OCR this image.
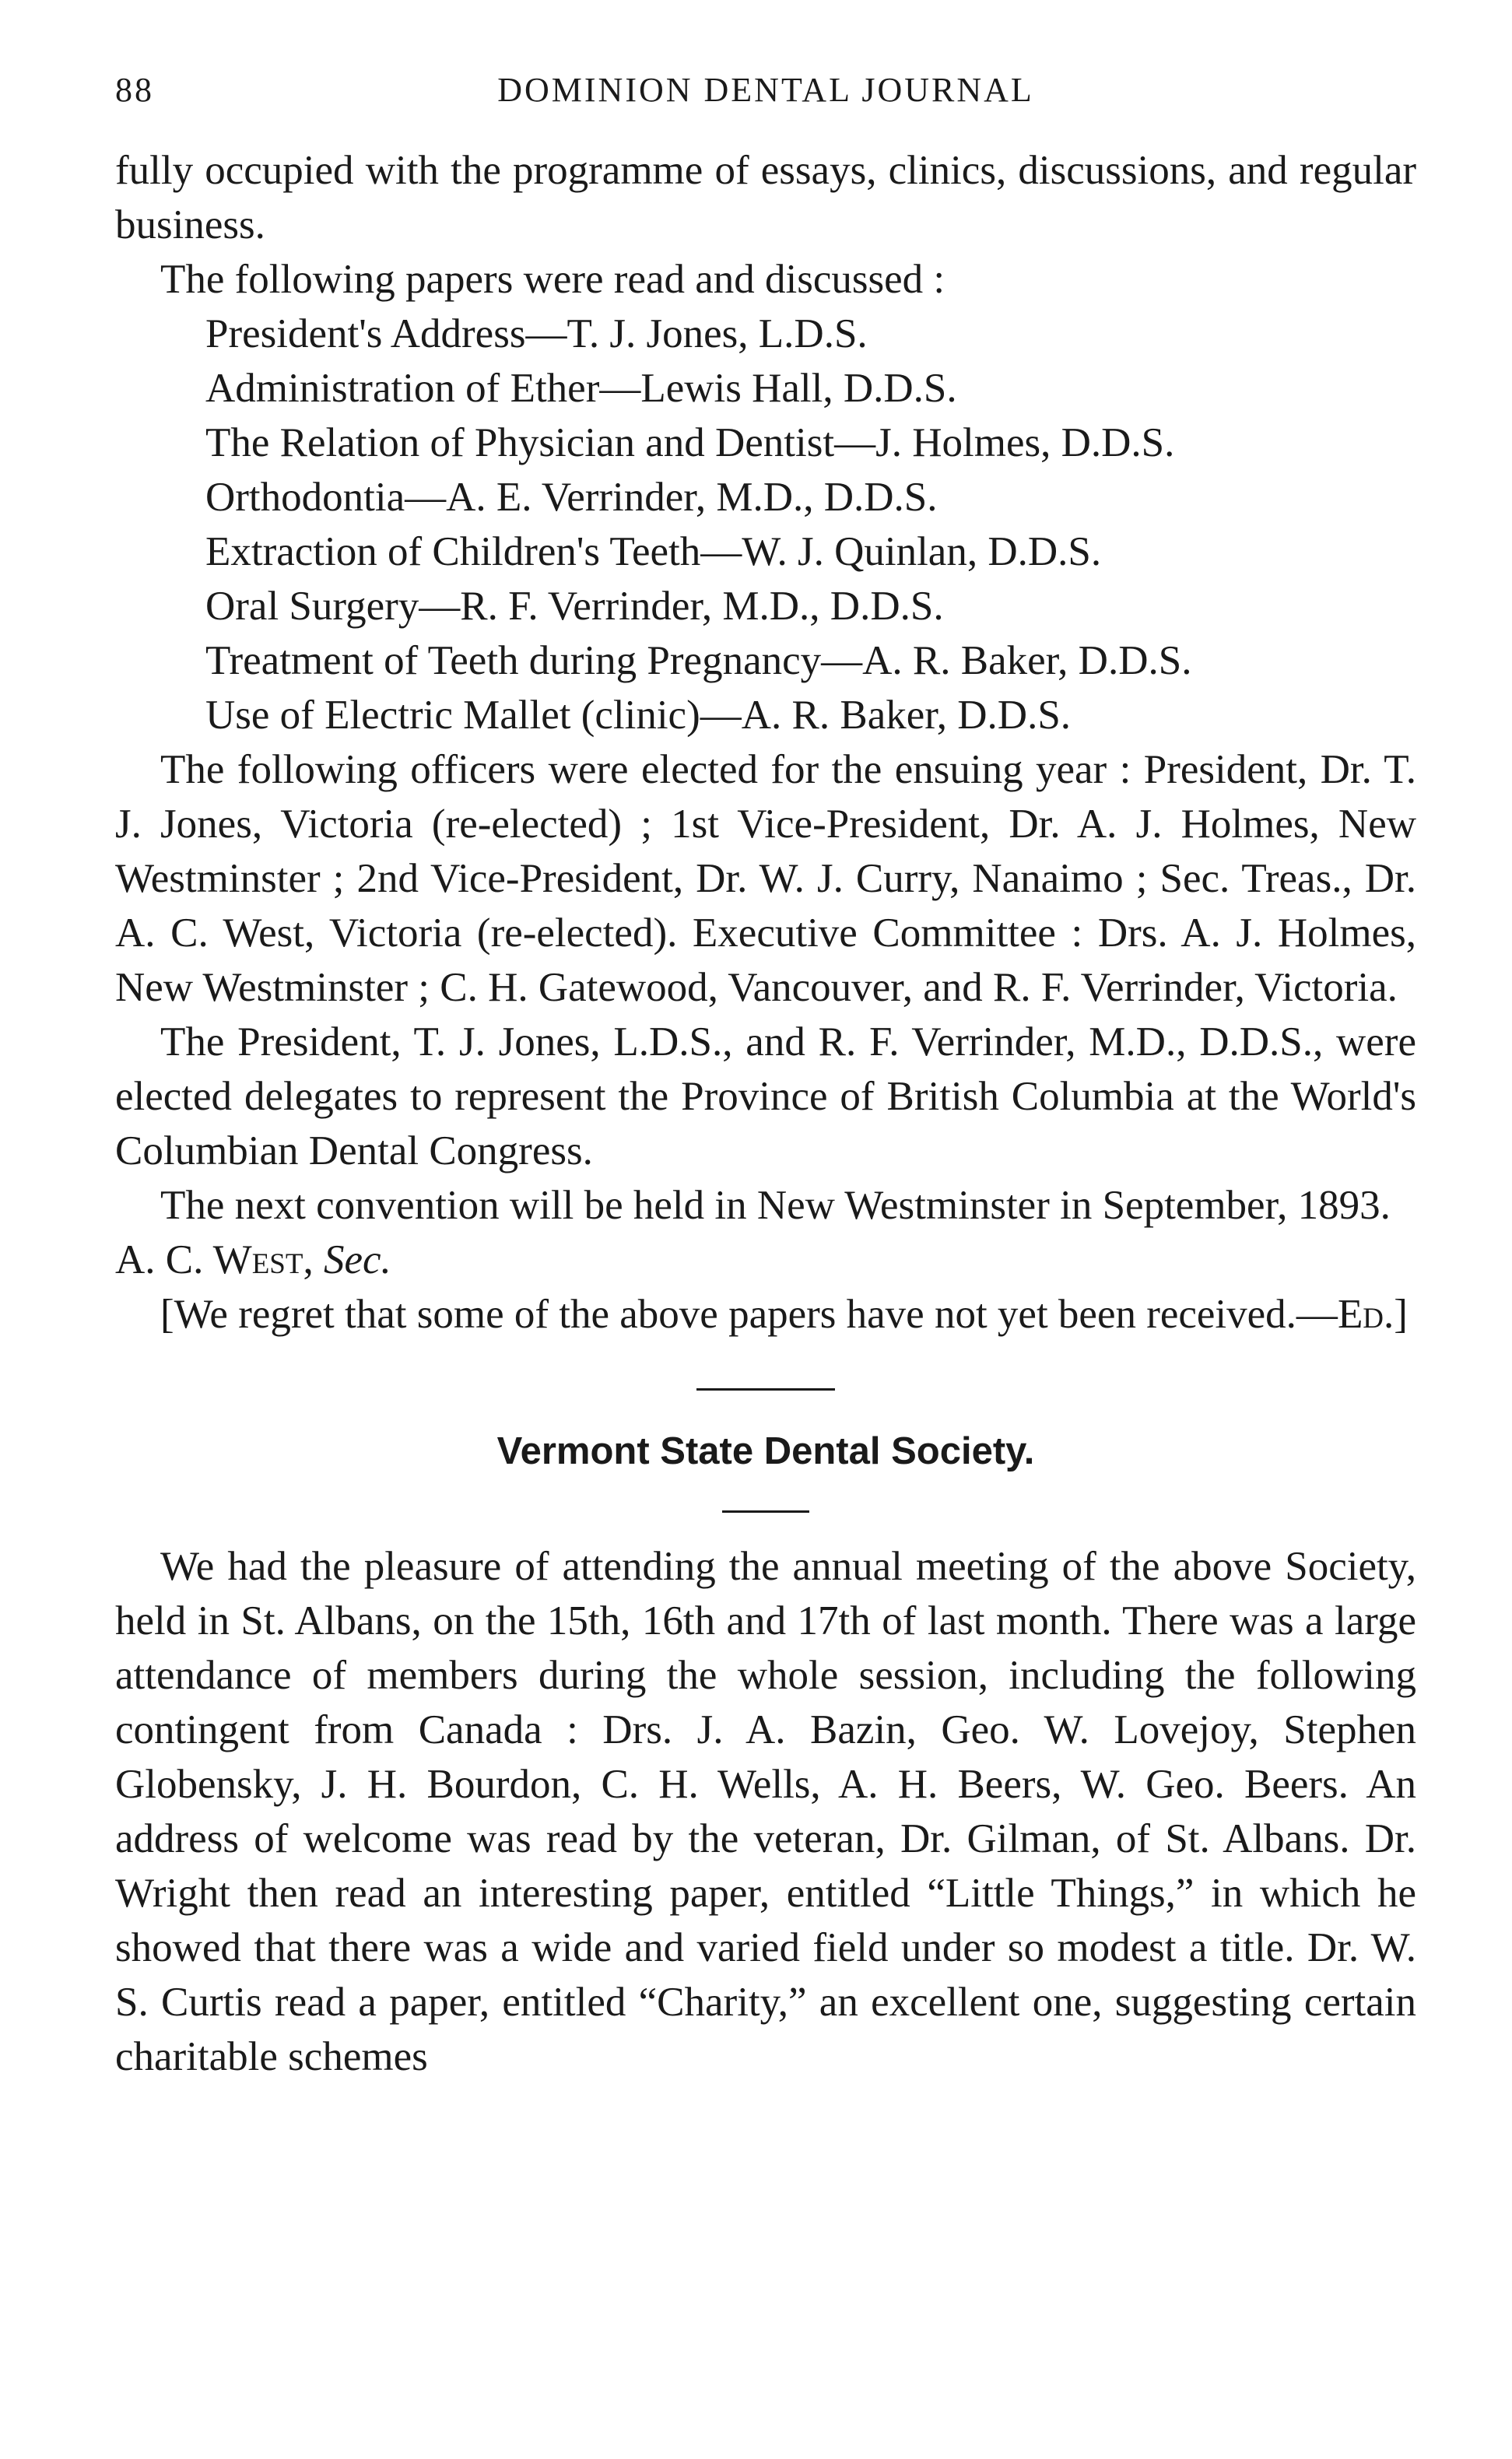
88	DOMINION DENTAL JOURNAL

fully occupied with the programme of essays, clinics, discussions, and regular business.

The following papers were read and discussed :

President's Address—T. J. Jones, L.D.S.
Administration of Ether—Lewis Hall, D.D.S.
The Relation of Physician and Dentist—J. Holmes, D.D.S.
Orthodontia—A. E. Verrinder, M.D., D.D.S.
Extraction of Children's Teeth—W. J. Quinlan, D.D.S.
Oral Surgery—R. F. Verrinder, M.D., D.D.S.
Treatment of Teeth during Pregnancy—A. R. Baker, D.D.S.
Use of Electric Mallet (clinic)—A. R. Baker, D.D.S.

The following officers were elected for the ensuing year : President, Dr. T. J. Jones, Victoria (re-elected) ; 1st Vice-President, Dr. A. J. Holmes, New Westminster ; 2nd Vice-President, Dr. W. J. Curry, Nanaimo ; Sec. Treas., Dr. A. C. West, Victoria (re-elected). Executive Committee : Drs. A. J. Holmes, New Westminster ; C. H. Gatewood, Vancouver, and R. F. Verrinder, Victoria.

The President, T. J. Jones, L.D.S., and R. F. Verrinder, M.D., D.D.S., were elected delegates to represent the Province of British Columbia at the World's Columbian Dental Congress.

The next convention will be held in New Westminster in September, 1893.

A. C. West, Sec.

[We regret that some of the above papers have not yet been received.—Ed.]

Vermont State Dental Society.

We had the pleasure of attending the annual meeting of the above Society, held in St. Albans, on the 15th, 16th and 17th of last month. There was a large attendance of members during the whole session, including the following contingent from Canada : Drs. J. A. Bazin, Geo. W. Lovejoy, Stephen Globensky, J. H. Bourdon, C. H. Wells, A. H. Beers, W. Geo. Beers. An address of welcome was read by the veteran, Dr. Gilman, of St. Albans. Dr. Wright then read an interesting paper, entitled “Little Things,” in which he showed that there was a wide and varied field under so modest a title. Dr. W. S. Curtis read a paper, entitled “Charity,” an excellent one, suggesting certain charitable schemes
